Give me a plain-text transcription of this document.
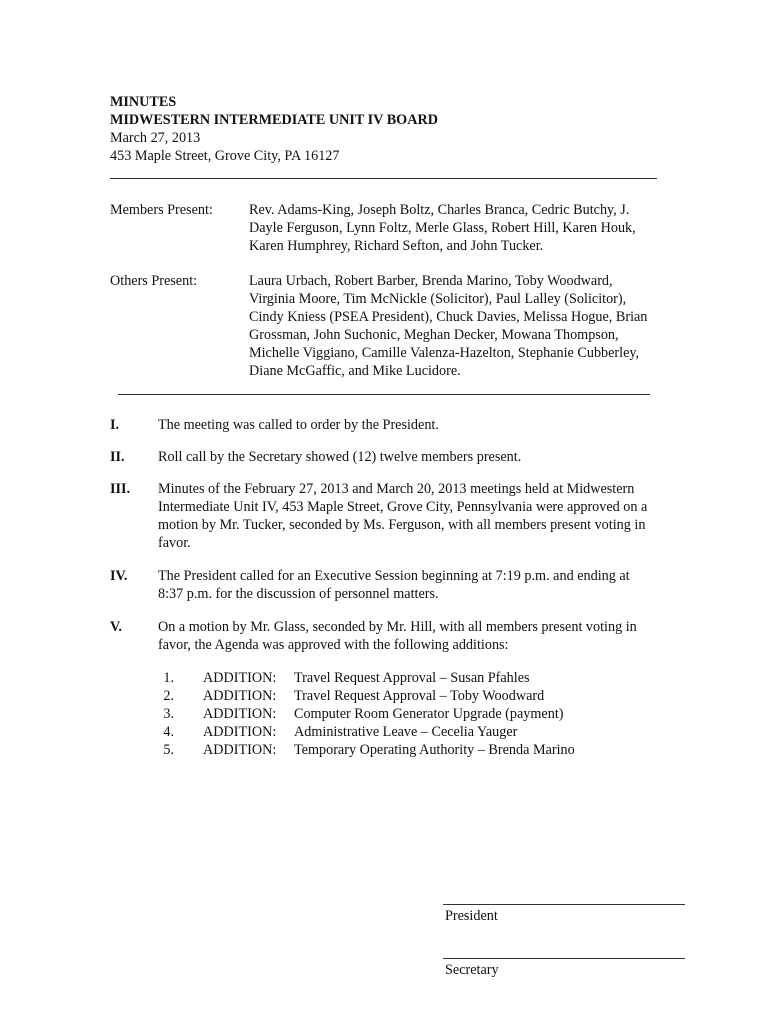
MINUTES
MIDWESTERN INTERMEDIATE UNIT IV BOARD
March 27, 2013
453 Maple Street, Grove City, PA 16127
Members Present:	Rev. Adams-King, Joseph Boltz, Charles Branca, Cedric Butchy, J.
Dayle Ferguson, Lynn Foltz, Merle Glass, Robert Hill, Karen Houk,
Karen Humphrey, Richard Sefton, and John Tucker.
Others Present:	Laura Urbach, Robert Barber, Brenda Marino, Toby Woodward,
Virginia Moore, Tim McNickle (Solicitor), Paul Lalley (Solicitor),
Cindy Kniess (PSEA President), Chuck Davies, Melissa Hogue, Brian
Grossman, John Suchonic, Meghan Decker, Mowana Thompson,
Michelle Viggiano, Camille Valenza-Hazelton, Stephanie Cubberley,
Diane McGaffic, and Mike Lucidore.
I.	The meeting was called to order by the President.
II. Roll call by the Secretary showed (12) twelve members present.
III. Minutes of the February 27, 2013 and March 20, 2013 meetings held at Midwestern
Intermediate Unit IV, 453 Maple Street, Grove City, Pennsylvania were approved on a
motion by Mr. Tucker, seconded by Ms. Ferguson, with all members present voting in
favor.
IV. The President called for an Executive Session beginning at 7:19 p.m. and ending at
8:37 p.m. for the discussion of personnel matters.
V.	On a motion by Mr. Glass, seconded by Mr. Hill, with all members present voting in
favor, the Agenda was approved with the following additions:
1. ADDITION: Travel Request Approval – Susan Pfahles
2. ADDITION: Travel Request Approval – Toby Woodward
3. ADDITION: Computer Room Generator Upgrade (payment)
4. ADDITION: Administrative Leave – Cecelia Yauger
5. ADDITION: Temporary Operating Authority – Brenda Marino
President
Secretary
